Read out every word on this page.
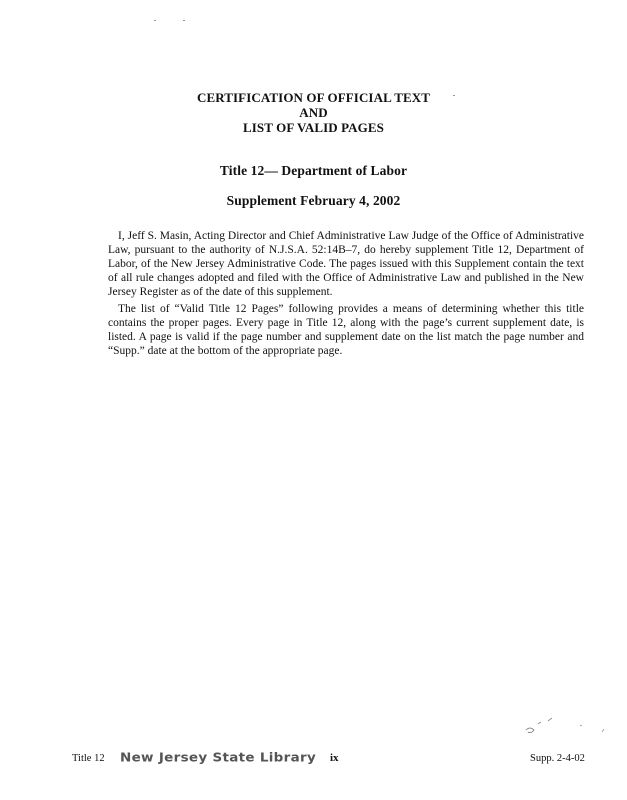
CERTIFICATION OF OFFICIAL TEXT
AND
LIST OF VALID PAGES
Title 12— Department of Labor
Supplement February 4, 2002

I, Jeff S. Masin, Acting Director and Chief Administrative Law Judge of the Office of Administrative Law, pursuant to the authority of N.J.S.A. 52:14B–7, do hereby supplement Title 12, Department of Labor, of the New Jersey Administrative Code. The pages issued with this Supplement contain the text of all rule changes adopted and filed with the Office of Administrative Law and published in the New Jersey Register as of the date of this supplement.

The list of “Valid Title 12 Pages” following provides a means of determining whether this title contains the proper pages. Every page in Title 12, along with the page’s current supplement date, is listed. A page is valid if the page number and supplement date on the list match the page number and “Supp.” date at the bottom of the appropriate page.

Title 12 New Jersey State Library ix	Supp. 2-4-02
